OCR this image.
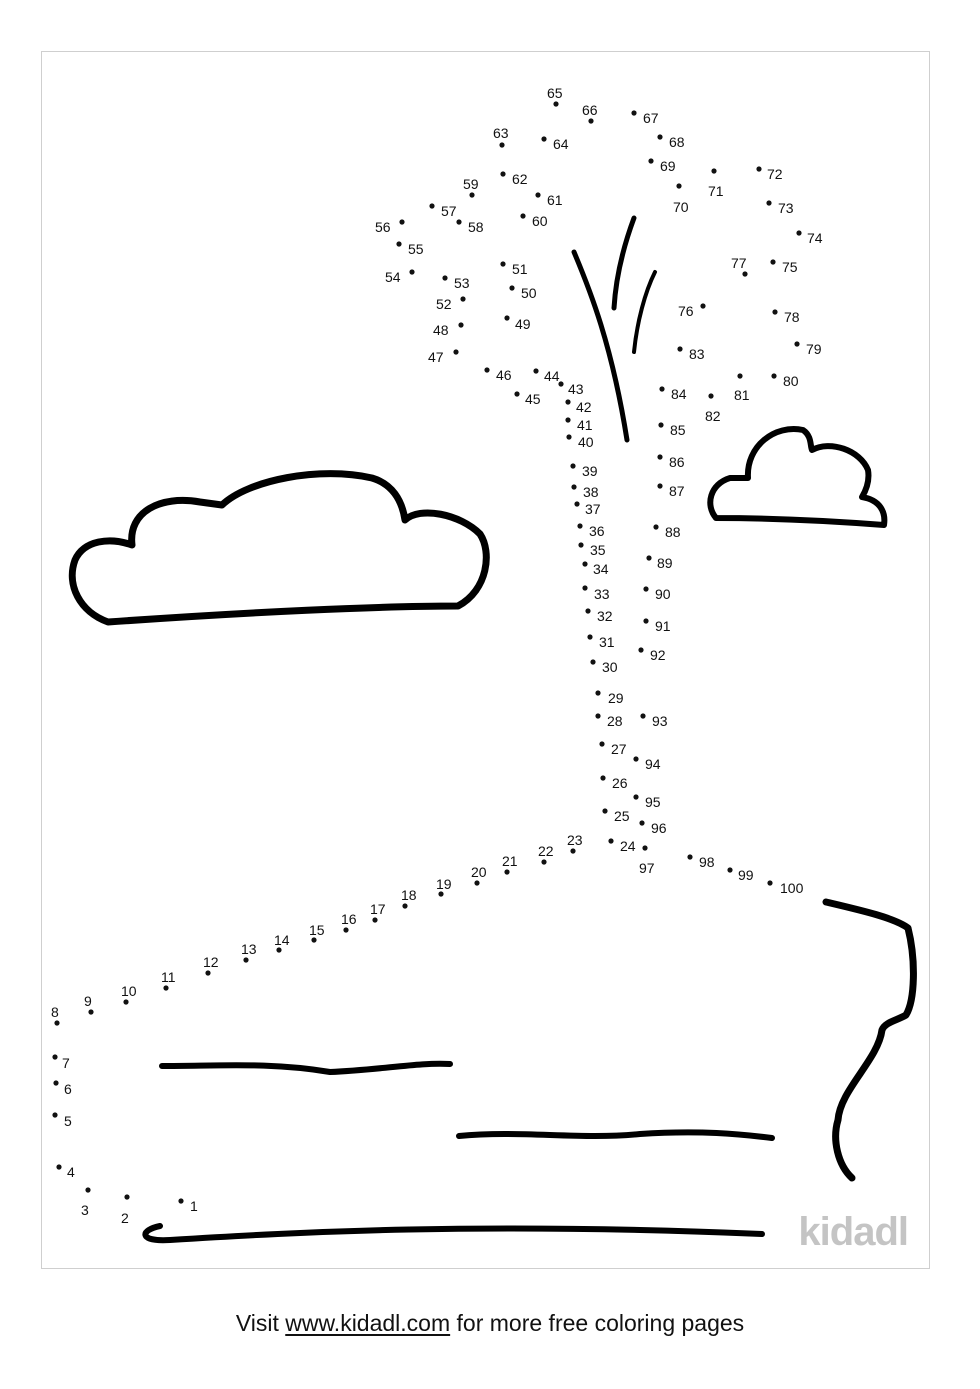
1
2
3
4
5
6
7
8
9
10
11
12
13
14
15
16
17
18
19
20
21
22
23	24
25
26
27
28
29
30
31
32
33
34
35
36
37
38
39
40
41
42
43
44
45
46
47
48	49
50
51
52
53
54
55
56
57
58
59
60
61
62
63
64
65
66	67
68
69
70
71
72
73
74
75
76
77
78
79
80
81
82
83
84
85
86
87
88
89
90
91
92
93
94
95
96
97	98
99
100
kidadl
Visit www.kidadl.com for more free coloring pages
